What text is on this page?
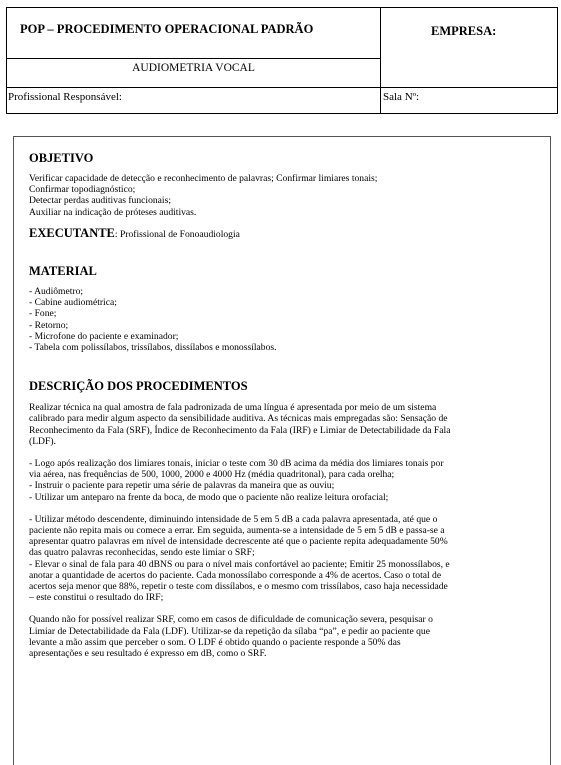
POP – PROCEDIMENTO OPERACIONAL PADRÃO	EMPRESA:
AUDIOMETRIA VOCAL
Profissional Responsável:	Sala Nº:
OBJETIVO
Verificar capacidade de detecção e reconhecimento de palavras; Confirmar limiares tonais;
Confirmar topodiagnóstico;
Detectar perdas auditivas funcionais;
Auxiliar na indicação de próteses auditivas.
EXECUTANTE: Profissional de Fonoaudiologia
MATERIAL
- Audiômetro;
- Cabine audiométrica;
- Fone;
- Retorno;
- Microfone do paciente e examinador;
- Tabela com polissílabos, trissílabos, dissílabos e monossílabos.
DESCRIÇÃO DOS PROCEDIMENTOS
Realizar técnica na qual amostra de fala padronizada de uma língua é apresentada por meio de um sistema
calibrado para medir algum aspecto da sensibilidade auditiva. As técnicas mais empregadas são: Sensação de
Reconhecimento da Fala (SRF), Índice de Reconhecimento da Fala (IRF) e Limiar de Detectabilidade da Fala
(LDF).
- Logo após realização dos limiares tonais, iniciar o teste com 30 dB acima da média dos limiares tonais por
via aérea, nas frequências de 500, 1000, 2000 e 4000 Hz (média quadritonal), para cada orelha;
- Instruir o paciente para repetir uma série de palavras da maneira que as ouviu;
- Utilizar um anteparo na frente da boca, de modo que o paciente não realize leitura orofacial;
- Utilizar método descendente, diminuindo intensidade de 5 em 5 dB a cada palavra apresentada, até que o
paciente não repita mais ou comece a errar. Em seguida, aumenta-se a intensidade de 5 em 5 dB e passa-se a
apresentar quatro palavras em nível de intensidade decrescente até que o paciente repita adequadamente 50%
das quatro palavras reconhecidas, sendo este limiar o SRF;
- Elevar o sinal de fala para 40 dBNS ou para o nível mais confortável ao paciente; Emitir 25 monossílabos, e
anotar a quantidade de acertos do paciente. Cada monossílabo corresponde a 4% de acertos. Caso o total de
acertos seja menor que 88%, repetir o teste com dissílabos, e o mesmo com trissílabos, caso haja necessidade
– este constitui o resultado do IRF;
Quando não for possível realizar SRF, como em casos de dificuldade de comunicação severa, pesquisar o
Limiar de Detectabilidade da Fala (LDF). Utilizar-se da repetição da sílaba “pa”, e pedir ao paciente que
levante a mão assim que perceber o som. O LDF é obtido quando o paciente responde a 50% das
apresentações e seu resultado é expresso em dB, como o SRF.
